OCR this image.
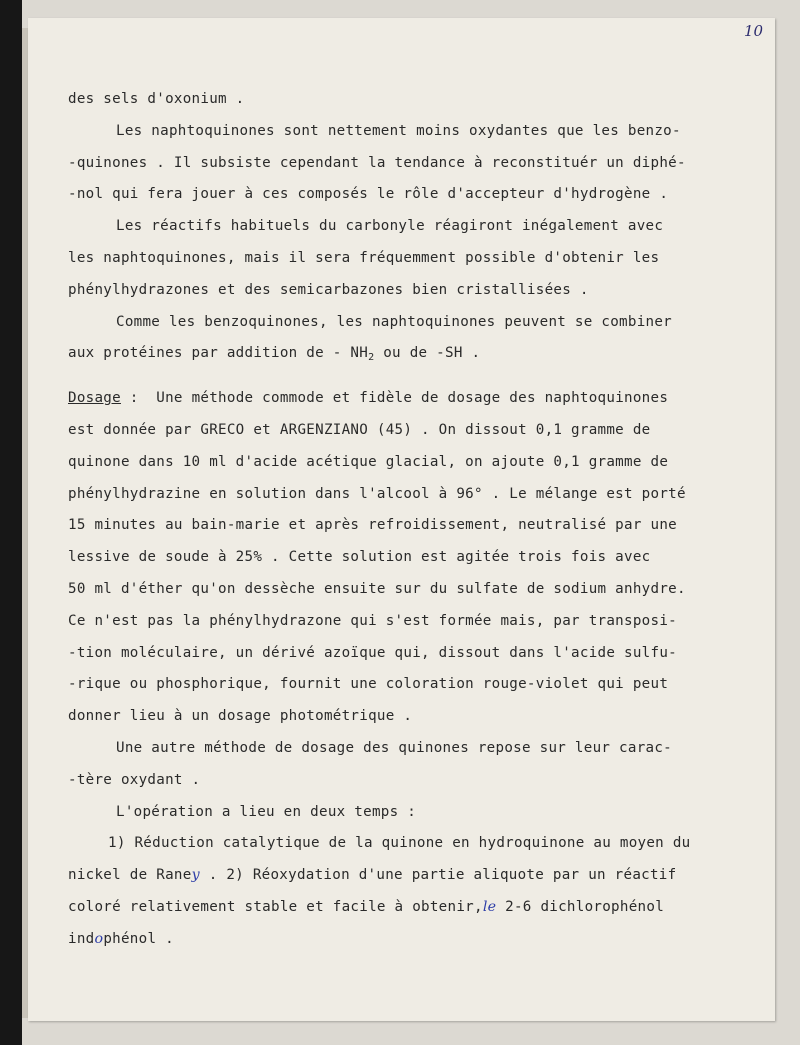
10
des sels d'oxonium .
Les naphtoquinones sont nettement moins oxydantes que les benzo-
-quinones . Il subsiste cependant la tendance à reconstituér un diphé-
-nol qui fera jouer à ces composés le rôle d'accepteur d'hydrogène .
Les réactifs habituels du carbonyle réagiront inégalement avec
les naphtoquinones, mais il sera fréquemment possible d'obtenir les
phénylhydrazones et des semicarbazones bien cristallisées .
Comme les benzoquinones, les naphtoquinones peuvent se combiner
aux protéines par addition de - $NH_2$ ou de -SH .
Dosage :  Une méthode commode et fidèle de dosage des naphtoquinones
est donnée par GRECO et ARGENZIANO (45) . On dissout 0,1 gramme de
quinone dans 10 ml d'acide acétique glacial, on ajoute 0,1 gramme de
phénylhydrazine en solution dans l'alcool à 96° . Le mélange est porté
15 minutes au bain-marie et après refroidissement, neutralisé par une
lessive de soude à 25% . Cette solution est agitée trois fois avec
50 ml d'éther qu'on dessèche ensuite sur du sulfate de sodium anhydre.
Ce n'est pas la phénylhydrazone qui s'est formée mais, par transposi-
-tion moléculaire, un dérivé azoïque qui, dissout dans l'acide sulfu-
-rique ou phosphorique, fournit une coloration rouge-violet qui peut
donner lieu à un dosage photométrique .
Une autre méthode de dosage des quinones repose sur leur carac-
-tère oxydant .
L'opération a lieu en deux temps :
1) Réduction catalytique de la quinone en hydroquinone au moyen du
nickel de Raney . 2) Réoxydation d'une partie aliquote par un réactif
coloré relativement stable et facile à obtenir,le 2-6 dichlorophénol
indophénol .
